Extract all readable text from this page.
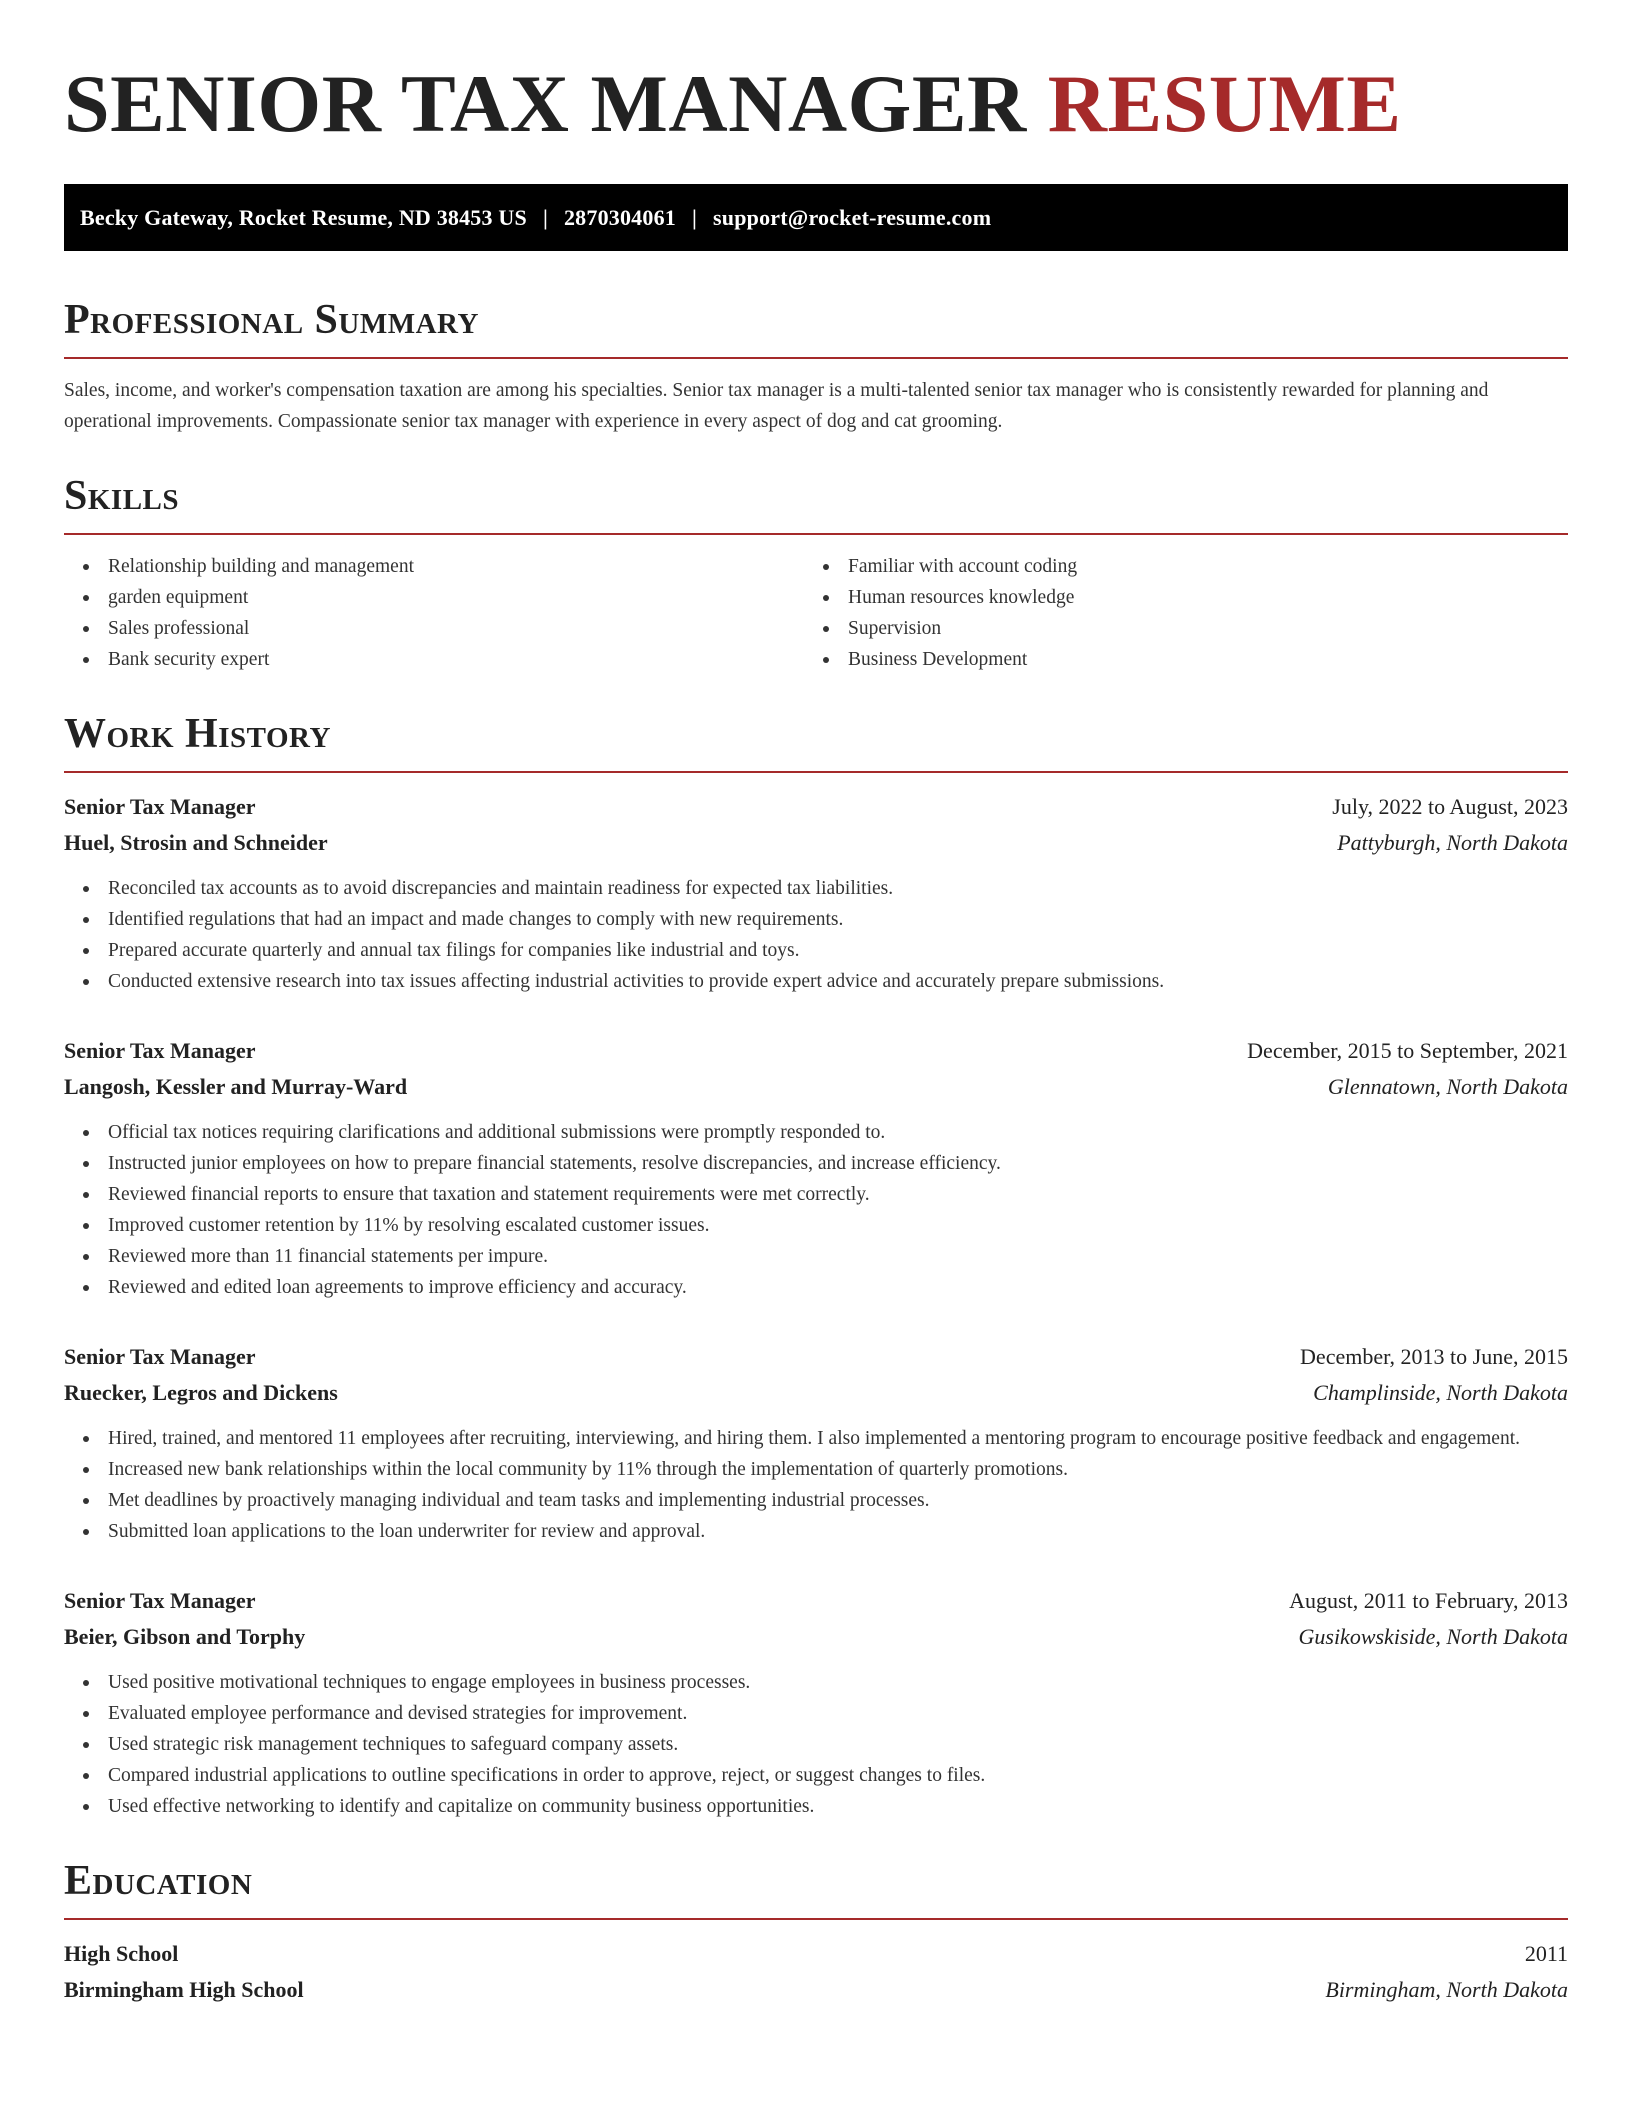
SENIOR TAX MANAGER RESUME
Becky Gateway, Rocket Resume, ND 38453 US | 2870304061 | support@rocket-resume.com
Professional Summary

Sales, income, and worker's compensation taxation are among his specialties. Senior tax manager is a multi-talented senior tax manager who is consistently rewarded for planning and operational improvements. Compassionate senior tax manager with experience in every aspect of dog and cat grooming.

Skills
Relationship building and management
garden equipment
Sales professional
Bank security expert
Familiar with account coding
Human resources knowledge
Supervision
Business Development
Work History
Senior Tax Manager	July, 2022 to August, 2023
Huel, Strosin and Schneider	Pattyburgh, North Dakota
Reconciled tax accounts as to avoid discrepancies and maintain readiness for expected tax liabilities.
Identified regulations that had an impact and made changes to comply with new requirements.
Prepared accurate quarterly and annual tax filings for companies like industrial and toys.
Conducted extensive research into tax issues affecting industrial activities to provide expert advice and accurately prepare submissions.
Senior Tax Manager	December, 2015 to September, 2021
Langosh, Kessler and Murray-Ward	Glennatown, North Dakota
Official tax notices requiring clarifications and additional submissions were promptly responded to.
Instructed junior employees on how to prepare financial statements, resolve discrepancies, and increase efficiency.
Reviewed financial reports to ensure that taxation and statement requirements were met correctly.
Improved customer retention by 11% by resolving escalated customer issues.
Reviewed more than 11 financial statements per impure.
Reviewed and edited loan agreements to improve efficiency and accuracy.
Senior Tax Manager	December, 2013 to June, 2015
Ruecker, Legros and Dickens	Champlinside, North Dakota
Hired, trained, and mentored 11 employees after recruiting, interviewing, and hiring them. I also implemented a mentoring program to encourage positive feedback and engagement.
Increased new bank relationships within the local community by 11% through the implementation of quarterly promotions.
Met deadlines by proactively managing individual and team tasks and implementing industrial processes.
Submitted loan applications to the loan underwriter for review and approval.
Senior Tax Manager	August, 2011 to February, 2013
Beier, Gibson and Torphy	Gusikowskiside, North Dakota
Used positive motivational techniques to engage employees in business processes.
Evaluated employee performance and devised strategies for improvement.
Used strategic risk management techniques to safeguard company assets.
Compared industrial applications to outline specifications in order to approve, reject, or suggest changes to files.
Used effective networking to identify and capitalize on community business opportunities.
Education
High School	2011
Birmingham High School	Birmingham, North Dakota
